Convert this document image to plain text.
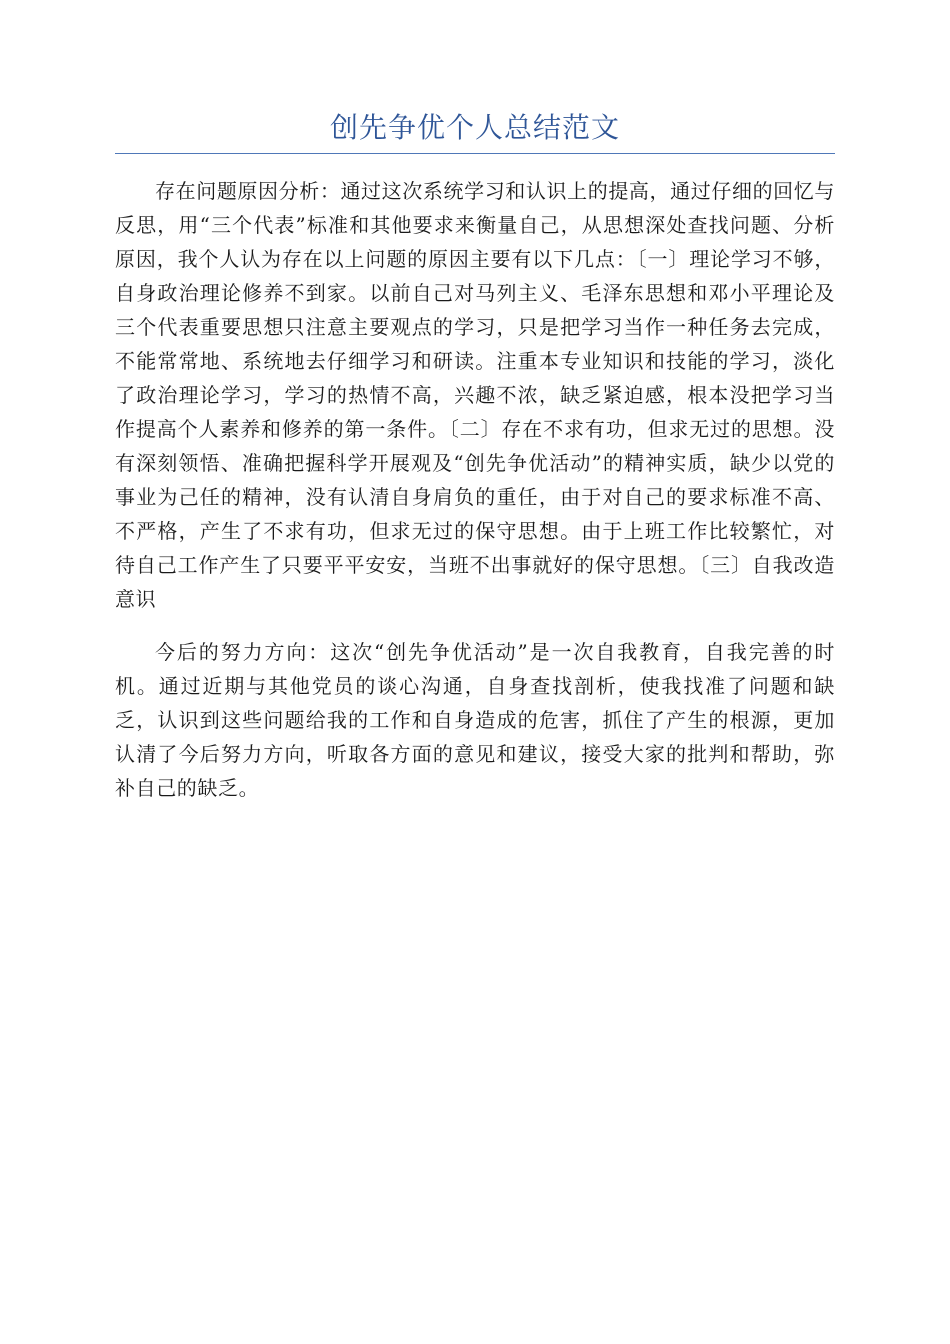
创先争优个人总结范文

存在问题原因分析：通过这次系统学习和认识上的提高，通过仔细的回忆与反思，用“三个代表”标准和其他要求来衡量自己，从思想深处查找问题、分析原因，我个人认为存在以上问题的原因主要有以下几点：〔一〕理论学习不够，自身政治理论修养不到家。以前自己对马列主义、毛泽东思想和邓小平理论及三个代表重要思想只注意主要观点的学习，只是把学习当作一种任务去完成，不能常常地、系统地去仔细学习和研读。注重本专业知识和技能的学习，淡化了政治理论学习，学习的热情不高，兴趣不浓，缺乏紧迫感，根本没把学习当作提高个人素养和修养的第一条件。〔二〕存在不求有功，但求无过的思想。没有深刻领悟、准确把握科学开展观及“创先争优活动”的精神实质，缺少以党的事业为己任的精神，没有认清自身肩负的重任，由于对自己的要求标准不高、不严格，产生了不求有功，但求无过的保守思想。由于上班工作比较繁忙，对待自己工作产生了只要平平安安，当班不出事就好的保守思想。〔三〕自我改造意识

今后的努力方向：这次“创先争优活动”是一次自我教育，自我完善的时机。通过近期与其他党员的谈心沟通，自身查找剖析，使我找准了问题和缺乏，认识到这些问题给我的工作和自身造成的危害，抓住了产生的根源，更加认清了今后努力方向，听取各方面的意见和建议，接受大家的批判和帮助，弥补自己的缺乏。
